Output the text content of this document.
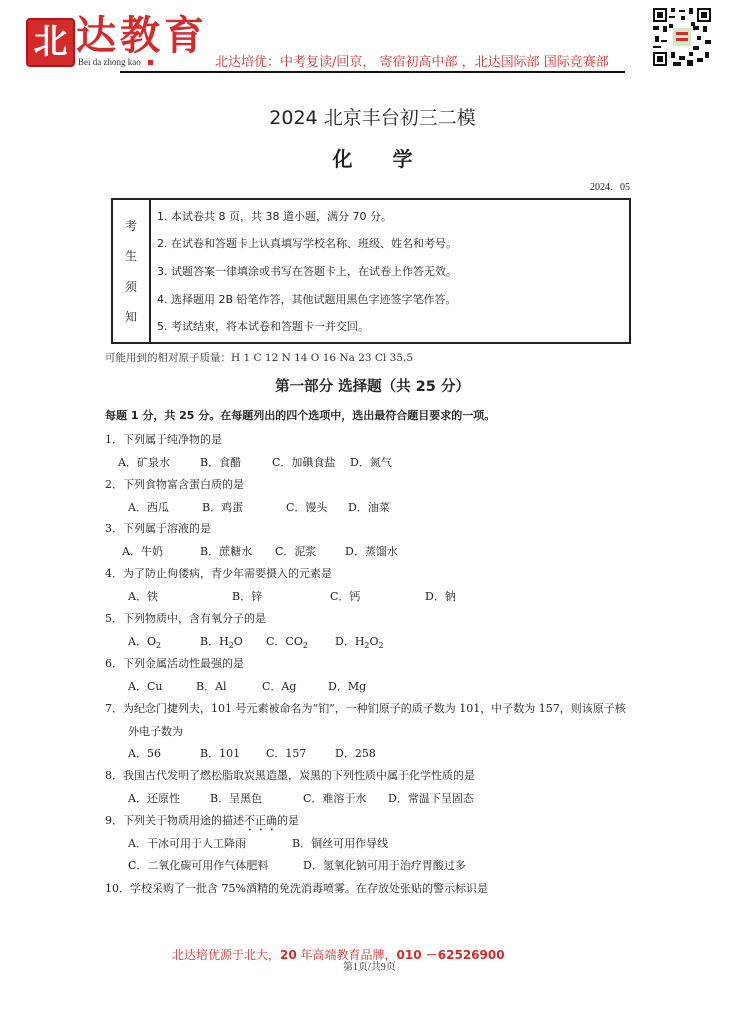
北 达教育
Bei da zhong kao	北达培优：中考复读/回京， 寄宿初高中部 ，北达国际部 国际竞赛部
2024 北京丰台初三二模
化学
2024．05
考
生
须
知
1. 本试卷共 8 页，共 38 道小题，满分 70 分。
2. 在试卷和答题卡上认真填写学校名称、班级、姓名和考号。
3. 试题答案一律填涂或书写在答题卡上，在试卷上作答无效。
4. 选择题用 2B 铅笔作答，其他试题用黑色字迹签字笔作答。
5. 考试结束，将本试卷和答题卡一并交回。
可能用到的相对原子质量：H 1 C 12 N 14 O 16 Na 23 Cl 35.5
第一部分 选择题（共 25 分）
每题 1 分，共 25 分。在每题列出的四个选项中，选出最符合题目要求的一项。
1．下列属于纯净物的是
A．矿泉水	B．食醋	C．加碘食盐 D．氮气
2．下列食物富含蛋白质的是
A．西瓜	B．鸡蛋	C．馒头 D．油菜
3．下列属于溶液的是
A．牛奶	B．蔗糖水 C．泥浆	D．蒸馏水
4．为了防止佝偻病，青少年需要摄入的元素是
A．铁	B．锌	C．钙	D．钠
5．下列物质中，含有氧分子的是
A．$O_2$	B．$H_2O$ C．$CO_2$ D．$H_2O_2$
6．下列金属活动性最强的是
A．Cu	B．Al	C．Ag	D．Mg
7．为纪念门捷列夫，101 号元素被命名为“钔”，一种钔原子的质子数为 101，中子数为 157，则该原子核
外电子数为
A．56	B．101 C．157	D．258
8．我国古代发明了燃松脂取炭黑造墨，炭黑的下列性质中属于化学性质的是
A．还原性	B．呈黑色	C．难溶于水 D．常温下呈固态
9．下列关于物质用途的描述不正确的是
A．干冰可用于人工降雨	B．铜丝可用作导线
C．二氧化碳可用作气体肥料	D．氢氧化钠可用于治疗胃酸过多
10．学校采购了一批含 75%酒精的免洗消毒喷雾。在存放处张贴的警示标识是
北达培优源于北大，20 年高端教育品牌，010 －62526900
第1页/共9页
